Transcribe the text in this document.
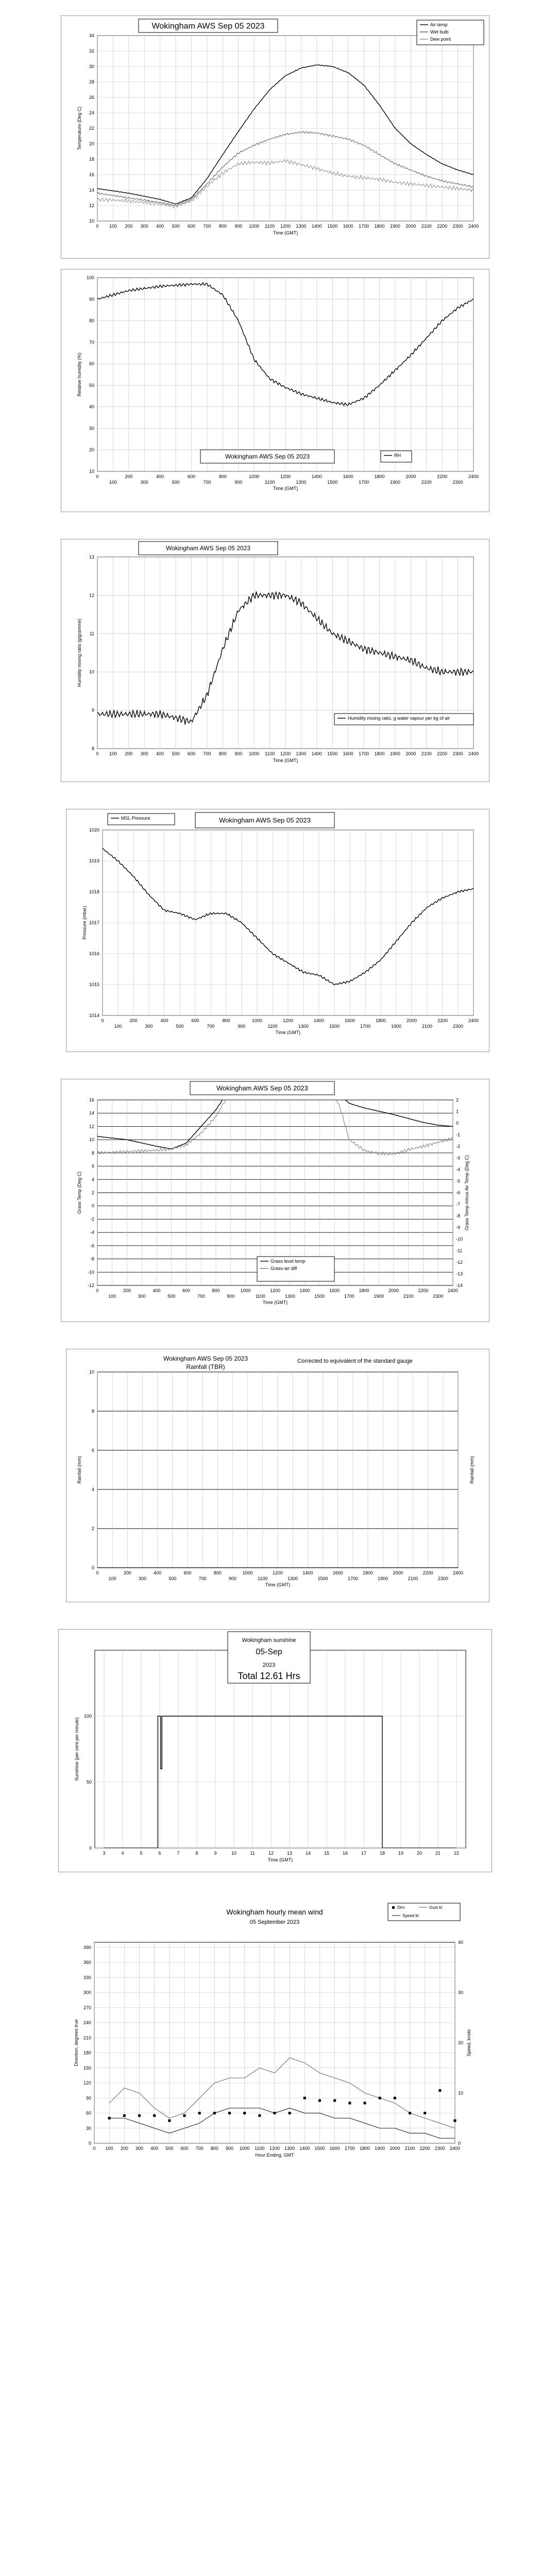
10
12
14
16
18
20
22
24
26
28
30
32
34
0 100 200 300 400 500 600 700 800 900 1000 1100 1200 1300 1400 1500 1600 1700 1800 1900 2000 2100 2200 2300 2400
Time (GMT)
Temperature (Deg C)
Wokingham AWS Sep 05 2023	Air temp
Wet bulb
Dew point
10
20
30
40
50
60
70
80
90
100
0
100
200
300
400
500
600
700
800
900
1000
1100
1200
1300
1400
1500
1600
1700
1800
1900
2000
2100
2200
2300
2400
Time (GMT)
Relative humidity (%)
Wokingham AWS Sep 05 2023	RH
8
9
10
11
12
13
0 100 200 300 400 500 600 700 800 900 1000 1100 1200 1300 1400 1500 1600 1700 1800 1900 2000 2100 2200 2300 2400
Time (GMT)
Humidity mixing ratio (g/gramme)
Wokingham AWS Sep 05 2023
Humidity mixing ratio, g water vapour per kg of air
1014
1015
1016
1017
1018
1019
1020
0
100
200
300
400
500
600
700
800
900
1000
1100
1200
1300
1400
1500
1600
1700
1800
1900
2000
2100
2200
2300
2400
Time (GMT)
Pressure (mbar)
Wokingham AWS Sep 05 2023
MSL Pressure
-12
-10
-8
-6
-4
-2
0
2
4
6
8
10
12
14
16
0
100
200
300
400
500
600
700
800
900
1000
1100
1200
1300
1400
1500
1600
1700
1800
1900
2000
2100
2200
2300
2400
-14
-13
-12
-11
-10
-9
-8
-7
-6
-5
-4
-3
-2
-1
0
1
2
Time (GMT)
Grass Temp (Deg C)	Grass Temp minus Air Temp (Deg C)
Wokingham AWS Sep 05 2023
Grass level temp
Grass-air diff
0
2
4
6
8
10
0
100
200
300
400
500
600
700
800
900
1000
1100
1200
1300
1400
1500
1600
1700
1800
1900
2000
2100
2200
2300
2400
Time (GMT)
Rainfall (mm)	Rainfall (mm)
Wokingham AWS Sep 05 2023
Rainfall (TBR)
Corrected to equivalent of the standard gauge
0
50
100
3	4	5	6	7	8	9	10	11	12	13	14	15	16	17	18	19	20	21	22
Time (GMT)
Sunshine (per cent per minute)
Wokingham sunshine
05-Sep
2023
Total 12.61 Hrs
0
30
60
90
120
150
180
210
240
270
300
330
360
390
0 100 200 300 400 500 600 700 800 900 1000 1100 1200 1300 1400 1500 1600 1700 1800 1900 2000 2100 2200 2300 2400
0
10
20
30
40
Hour Ending, GMT
Direction, degrees true	Speed, knots
Wokingham hourly mean wind
05 September 2023
Dirn	Gust kt
Speed kt
